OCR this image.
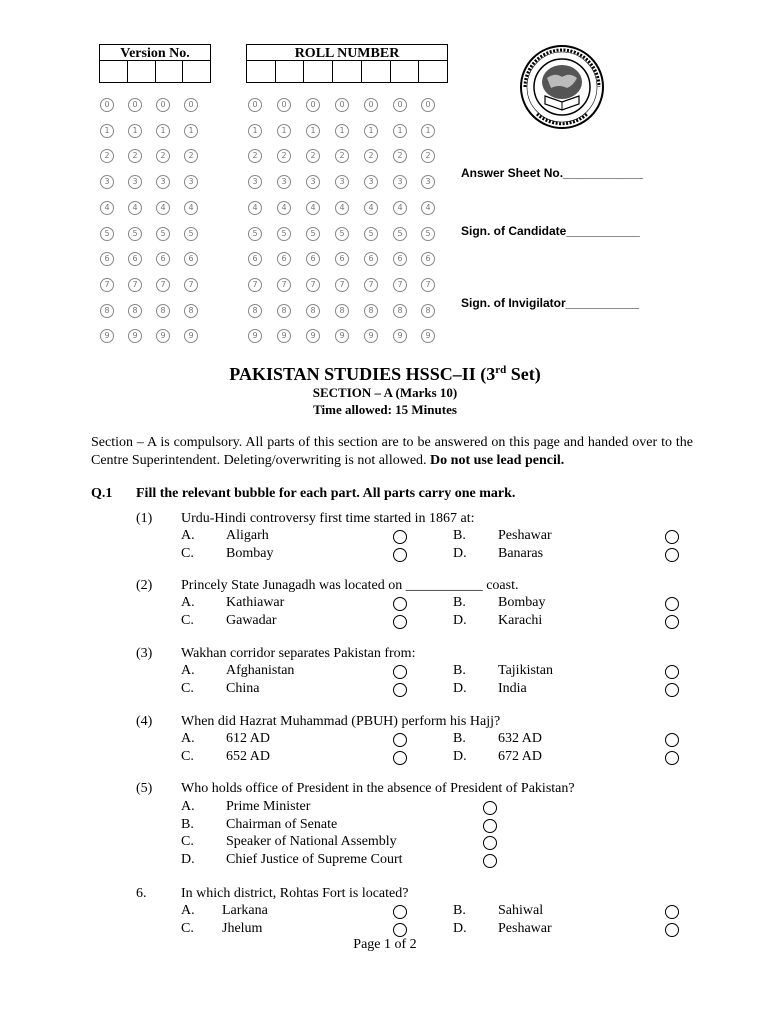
Version No.	ROLL NUMBER
0	0	0	0	0	0	0	0	0	0	0
1	1	1	1	1	1	1	1	1	1	1
2	2	2	2	2	2	2	2	2	2	2
3	3	3	3	3	3	3	3	3	3	3
4	4	4	4	4	4	4	4	4	4	4
5	5	5	5	5	5	5	5	5	5	5
6	6	6	6	6	6	6	6	6	6	6
7	7	7	7	7	7	7	7	7	7	7
8	8	8	8	8	8	8	8	8	8	8
9	9	9	9	9	9	9	9	9	9	9
Answer Sheet No.____________
Sign. of Candidate___________
Sign. of Invigilator___________
PAKISTAN STUDIES HSSC–II (3rd Set)
SECTION – A (Marks 10)
Time allowed: 15 Minutes
Section – A is compulsory. All parts of this section are to be answered on this page and handed over to the Centre Superintendent. Deleting/overwriting is not allowed. Do not use lead pencil.
Q.1 Fill the relevant bubble for each part. All parts carry one mark.
(1) Urdu-Hindi controversy first time started in 1867 at:
A. Aligarh	B. Peshawar
C. Bombay	D. Banaras
(2) Princely State Junagadh was located on ___________ coast.
A. Kathiawar	B. Bombay
C. Gawadar	D. Karachi
(3) Wakhan corridor separates Pakistan from:
A. Afghanistan	B. Tajikistan
C. China	D. India
(4) When did Hazrat Muhammad (PBUH) perform his Hajj?
A. 612 AD	B. 632 AD
C. 652 AD	D. 672 AD
(5) Who holds office of President in the absence of President of Pakistan?
A. Prime Minister
B. Chairman of Senate
C. Speaker of National Assembly
D. Chief Justice of Supreme Court
6. In which district, Rohtas Fort is located?
A. Larkana	B. Sahiwal
C. Jhelum	D. Peshawar
Page 1 of 2
